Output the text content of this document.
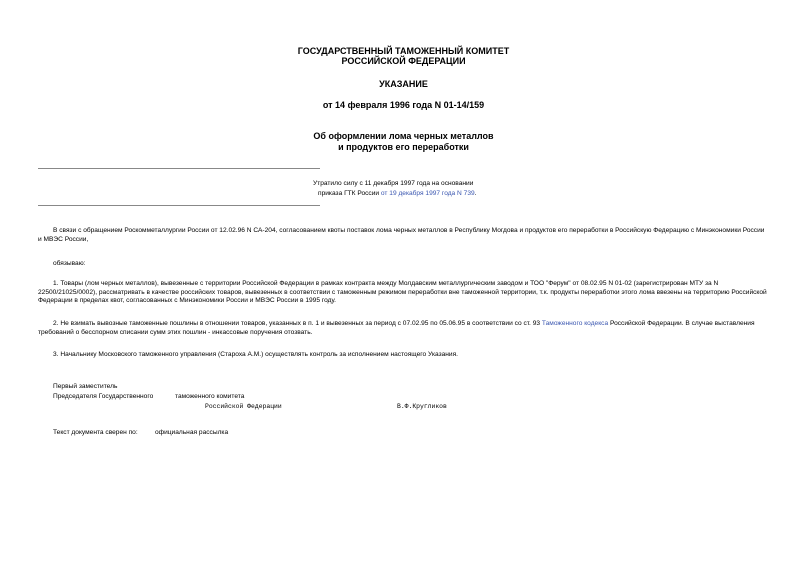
ГОСУДАРСТВЕННЫЙ ТАМОЖЕННЫЙ КОМИТЕТ
РОССИЙСКОЙ ФЕДЕРАЦИИ
УКАЗАНИЕ
от 14 февраля 1996 года N 01-14/159
Об оформлении лома черных металлов
и продуктов его переработки
Утратило силу с 11 декабря 1997 года на основании
приказа ГТК России от 19 декабря 1997 года N 739.

В связи с обращением Роскомметаллургии России от 12.02.96 N СА-204, согласованием квоты поставок лома черных металлов в Республику Могдова и продуктов его переработки в Российскую Федерацию с Минэкономики России и МВЭС России,

обязываю:

1. Товары (лом черных металлов), вывезенные с территории Российской Федерации в рамках контракта между Молдавским металлургическим заводом и ТОО "Ферум" от 08.02.95 N 01-02 (зарегистрирован МТУ за N 22500/21025/0002), рассматривать в качестве российских товаров, вывезенных в соответствии с таможенным режимом переработки вне таможенной территории, т.к. продукты переработки этого лома ввезены на территорию Российской Федерации в пределах квот, согласованных с Минэкономики России и МВЭС России в 1995 году.

2. Не взимать вывозные таможенные пошлины в отношении товаров, указанных в п. 1 и вывезенных за период с 07.02.95 по 05.06.95 в соответствии со ст. 93 Таможенного кодекса Российской Федерации. В случае выставления требований о бесспорном списании сумм этих пошлин - инкассовые поручения отозвать.

3. Начальнику Московского таможенного управления (Староха А.М.) осуществлять контроль за исполнением настоящего Указания.

Первый заместитель
Председателя Государственного	таможенного комитета
Российской Федерации	В.Ф.Кругликов
Текст документа сверен по:	официальная рассылка
